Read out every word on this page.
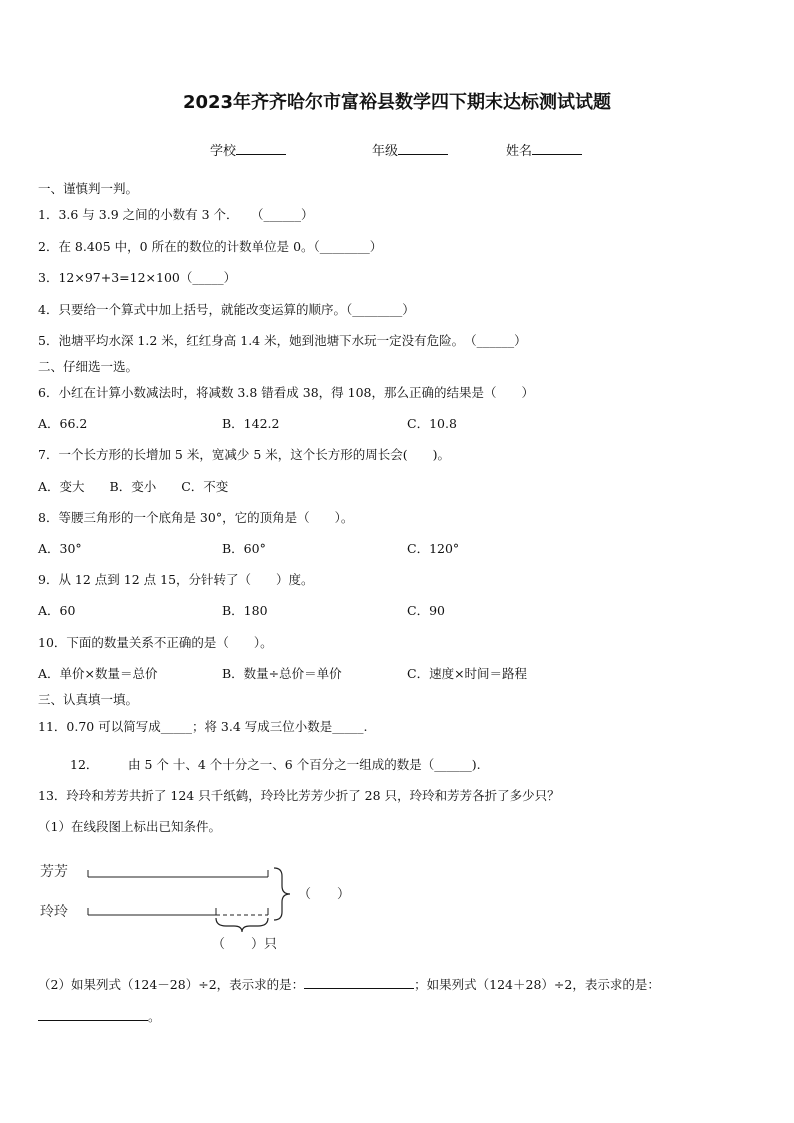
2023年齐齐哈尔市富裕县数学四下期末达标测试试题
学校	年级	姓名
一、谨慎判一判。
1．3.6 与 3.9 之间的小数有 3 个．　　（______）
2．在 8.405 中，0 所在的数位的计数单位是 0。（________）
3．12×97+3=12×100（_____）
4．只要给一个算式中加上括号，就能改变运算的顺序。（________）
5．池塘平均水深 1.2 米，红红身高 1.4 米，她到池塘下水玩一定没有危险。　（______）
二、仔细选一选。
6．小红在计算小数减法时，将减数 3.8 错看成 38，得 108，那么正确的结果是（　　）
A．66.2	B．142.2	C．10.8
7．一个长方形的长增加 5 米，宽减少 5 米，这个长方形的周长会(　　)。
A．变大　　B．变小　　C．不变
8．等腰三角形的一个底角是 30°，它的顶角是（　　）。
A．30°	B．60°	C．120°
9．从 12 点到 12 点 15，分针转了（　　）度。
A．60	B．180	C．90
10．下面的数量关系不正确的是（　　）。
A．单价×数量＝总价	B．数量÷总价＝单价	C．速度×时间＝路程
三、认真填一填。
11．0.70 可以简写成_____；将 3.4 写成三位小数是_____.
12． 由 5 个 十、4 个十分之一、6 个百分之一组成的数是（______).
13．玲玲和芳芳共折了 124 只千纸鹤，玲玲比芳芳少折了 28 只，玲玲和芳芳各折了多少只？
（1）在线段图上标出已知条件。
芳芳
玲玲
（　　）
（　　）只
（2）如果列式（124－28）÷2，表示求的是：	；如果列式（124＋28）÷2，表示求的是：
。
